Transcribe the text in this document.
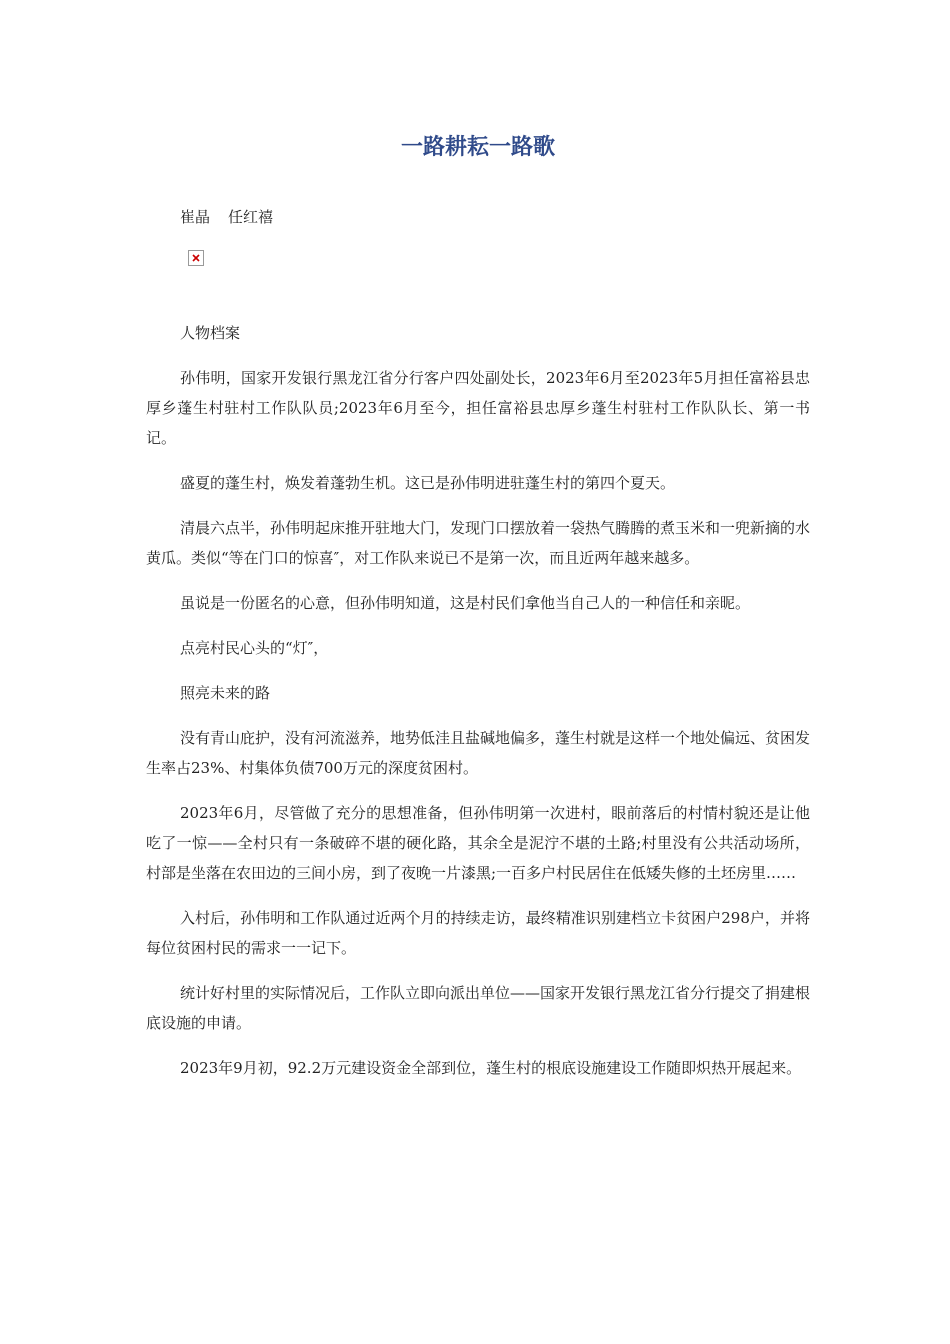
一路耕耘一路歌
崔晶 任红禧

人物档案

孙伟明，国家开发银行黑龙江省分行客户四处副处长，2023年6月至2023年5月担任富裕县忠厚乡蓬生村驻村工作队队员;2023年6月至今，担任富裕县忠厚乡蓬生村驻村工作队队长、第一书记。

盛夏的蓬生村，焕发着蓬勃生机。这已是孙伟明进驻蓬生村的第四个夏天。

清晨六点半，孙伟明起床推开驻地大门，发现门口摆放着一袋热气腾腾的煮玉米和一兜新摘的水黄瓜。类似“等在门口的惊喜″，对工作队来说已不是第一次，而且近两年越来越多。

虽说是一份匿名的心意，但孙伟明知道，这是村民们拿他当自己人的一种信任和亲昵。

点亮村民心头的“灯″，

照亮未来的路

没有青山庇护，没有河流滋养，地势低洼且盐碱地偏多，蓬生村就是这样一个地处偏远、贫困发生率占23%、村集体负债700万元的深度贫困村。

2023年6月，尽管做了充分的思想准备，但孙伟明第一次进村，眼前落后的村情村貌还是让他吃了一惊——全村只有一条破碎不堪的硬化路，其余全是泥泞不堪的土路;村里没有公共活动场所，村部是坐落在农田边的三间小房，到了夜晚一片漆黑;一百多户村民居住在低矮失修的土坯房里……

入村后，孙伟明和工作队通过近两个月的持续走访，最终精准识别建档立卡贫困户298户，并将每位贫困村民的需求一一记下。

统计好村里的实际情况后，工作队立即向派出单位——国家开发银行黑龙江省分行提交了捐建根底设施的申请。

2023年9月初，92.2万元建设资金全部到位，蓬生村的根底设施建设工作随即炽热开展起来。
